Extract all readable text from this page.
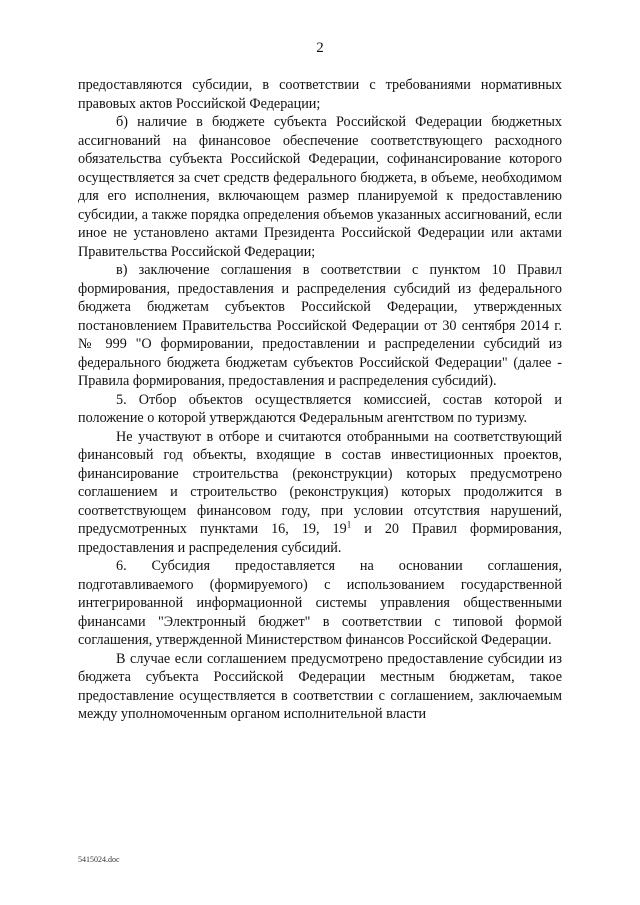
2

предоставляются субсидии, в соответствии с требованиями нормативных правовых актов Российской Федерации;

б) наличие в бюджете субъекта Российской Федерации бюджетных ассигнований на финансовое обеспечение соответствующего расходного обязательства субъекта Российской Федерации, софинансирование которого осуществляется за счет средств федерального бюджета, в объеме, необходимом для его исполнения, включающем размер планируемой к предоставлению субсидии, а также порядка определения объемов указанных ассигнований, если иное не установлено актами Президента Российской Федерации или актами Правительства Российской Федерации;

в) заключение соглашения в соответствии с пунктом 10 Правил формирования, предоставления и распределения субсидий из федерального бюджета бюджетам субъектов Российской Федерации, утвержденных постановлением Правительства Российской Федерации от 30 сентября 2014 г. № 999 "О формировании, предоставлении и распределении субсидий из федерального бюджета бюджетам субъектов Российской Федерации" (далее - Правила формирования, предоставления и распределения субсидий).

5. Отбор объектов осуществляется комиссией, состав которой и положение о которой утверждаются Федеральным агентством по туризму.

Не участвуют в отборе и считаются отобранными на соответствующий финансовый год объекты, входящие в состав инвестиционных проектов, финансирование строительства (реконструкции) которых предусмотрено соглашением и строительство (реконструкция) которых продолжится в соответствующем финансовом году, при условии отсутствия нарушений, предусмотренных пунктами 16, 19, $19^1$ и 20 Правил формирования, предоставления и распределения субсидий.

6. Субсидия предоставляется на основании соглашения, подготавливаемого (формируемого) с использованием государственной интегрированной информационной системы управления общественными финансами "Электронный бюджет" в соответствии с типовой формой соглашения, утвержденной Министерством финансов Российской Федерации.

В случае если соглашением предусмотрено предоставление субсидии из бюджета субъекта Российской Федерации местным бюджетам, такое предоставление осуществляется в соответствии с соглашением, заключаемым между уполномоченным органом исполнительной власти

5415024.doc
